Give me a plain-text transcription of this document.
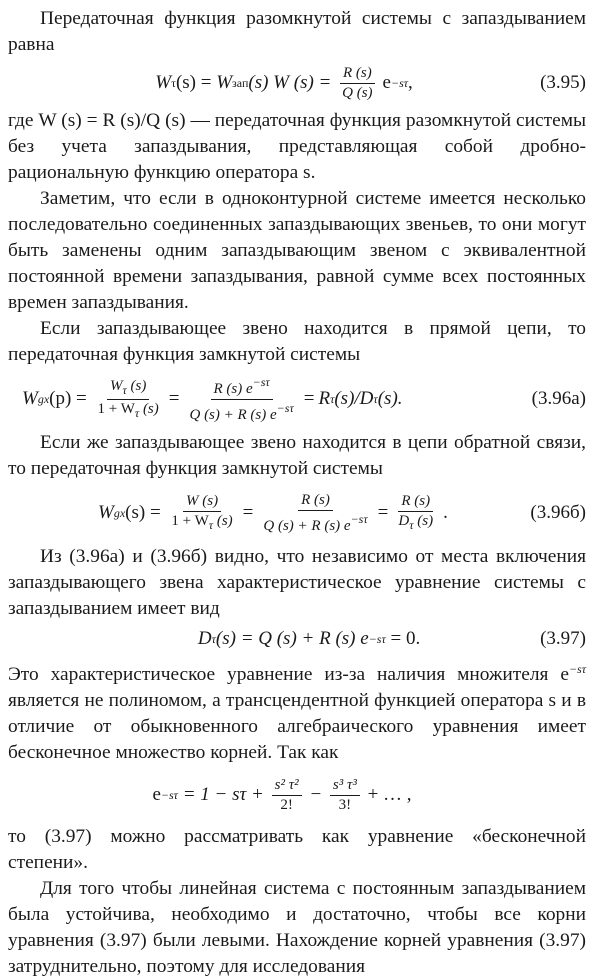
Передаточная функция разомкнутой системы с запаздыванием равна

W τ (s) = W зап (s) W $(s) = \frac{R (s)}{Q (s)}$ e −sτ ,	(3.95)

где W (s) = R (s)/Q (s) — передаточная функция разомкнутой системы без учета запаздывания, представляющая собой дробно-рациональную функцию оператора s.

Заметим, что если в одноконтурной системе имеется несколько последовательно соединенных запаздывающих звеньев, то они могут быть заменены одним запаздывающим звеном с эквивалентной постоянной времени запаздывания, равной сумме всех постоянных времен запаздывания.

Если запаздывающее звено находится в прямой цепи, то передаточная функция замкнутой системы

W gx $(p) = \frac{W_\tau (s)}{1 + W_\tau (s)} = \frac{R (s) e^{-s\tau}}{Q (s) + R (s) e^{-s\tau}} = R$ τ (s)/D τ (s).	(3.96а)

Если же запаздывающее звено находится в цепи обратной связи, то передаточная функция замкнутой системы

W gx $(s) = \frac{W (s)}{1 + W_\tau (s)} = \frac{R (s)}{Q (s) + R (s) e^{-s\tau}} = \frac{R (s)}{D_\tau (s)}$ .	(3.96б)

Из (3.96а) и (3.96б) видно, что независимо от места включения запаздывающего звена характеристическое уравнение системы с запаздыванием имеет вид

D τ (s) = Q (s) + R (s) e −sτ = 0.	(3.97)

Это характеристическое уравнение из-за наличия множителя $e^{-s\tau}$ является не полиномом, а трансцендентной функцией оператора s и в отличие от обыкновенного алгебраического уравнения имеет бесконечное множество корней. Так как

$e -s\tau = 1 - s\tau + \frac{\text{s² τ²}}{2!} - \frac{\text{s³ τ³}}{3!}$ + … ,

то (3.97) можно рассматривать как уравнение «бесконечной степени».

Для того чтобы линейная система с постоянным запаздыванием была устойчива, необходимо и достаточно, чтобы все корни уравнения (3.97) были левыми. Нахождение корней уравнения (3.97) затруднительно, поэтому для исследования
